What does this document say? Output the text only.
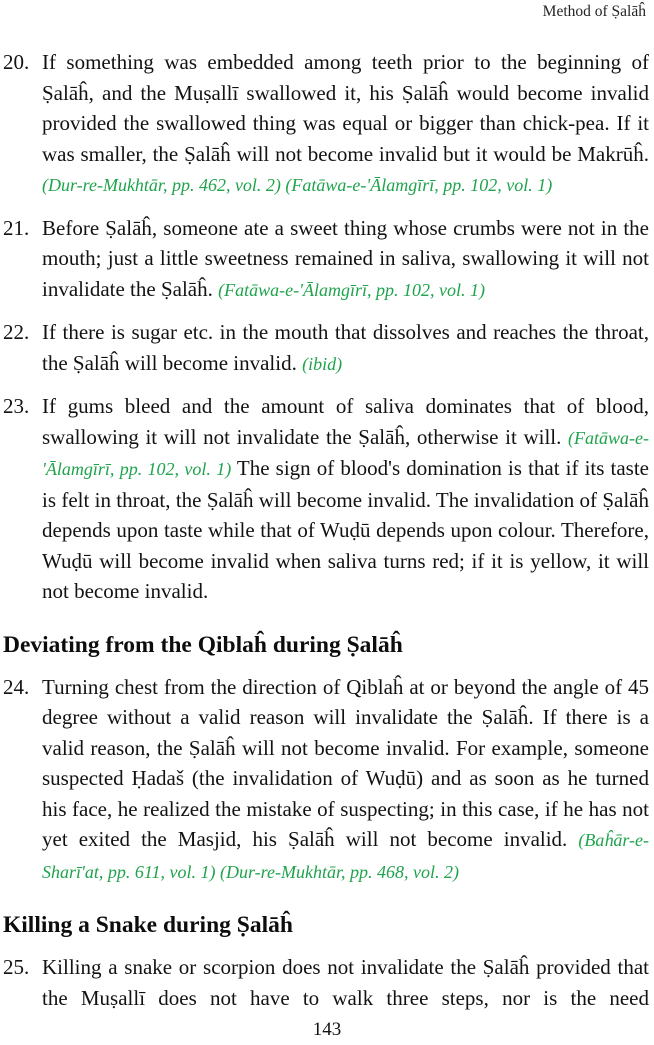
Method of Ṣalāĥ
20. If something was embedded among teeth prior to the beginning of Ṣalāĥ, and the Muṣallī swallowed it, his Ṣalāĥ would become invalid provided the swallowed thing was equal or bigger than chick-pea. If it was smaller, the Ṣalāĥ will not become invalid but it would be Makrūĥ. (Dur-re-Mukhtār, pp. 462, vol. 2) (Fatāwa-e-'Ālamgīrī, pp. 102, vol. 1)
21. Before Ṣalāĥ, someone ate a sweet thing whose crumbs were not in the mouth; just a little sweetness remained in saliva, swallowing it will not invalidate the Ṣalāĥ. (Fatāwa-e-'Ālamgīrī, pp. 102, vol. 1)
22. If there is sugar etc. in the mouth that dissolves and reaches the throat, the Ṣalāĥ will become invalid. (ibid)
23. If gums bleed and the amount of saliva dominates that of blood, swallowing it will not invalidate the Ṣalāĥ, otherwise it will. (Fatāwa-e-'Ālamgīrī, pp. 102, vol. 1) The sign of blood's domination is that if its taste is felt in throat, the Ṣalāĥ will become invalid. The invalidation of Ṣalāĥ depends upon taste while that of Wuḍū depends upon colour. Therefore, Wuḍū will become invalid when saliva turns red; if it is yellow, it will not become invalid.
Deviating from the Qiblaĥ during Ṣalāĥ
24. Turning chest from the direction of Qiblaĥ at or beyond the angle of 45 degree without a valid reason will invalidate the Ṣalāĥ. If there is a valid reason, the Ṣalāĥ will not become invalid. For example, someone suspected Ḥadaš (the invalidation of Wuḍū) and as soon as he turned his face, he realized the mistake of suspecting; in this case, if he has not yet exited the Masjid, his Ṣalāĥ will not become invalid. (Baĥār-e-Sharī'at, pp. 611, vol. 1) (Dur-re-Mukhtār, pp. 468, vol. 2)
Killing a Snake during Ṣalāĥ
25. Killing a snake or scorpion does not invalidate the Ṣalāĥ provided that the Muṣallī does not have to walk three steps, nor is the need
143
